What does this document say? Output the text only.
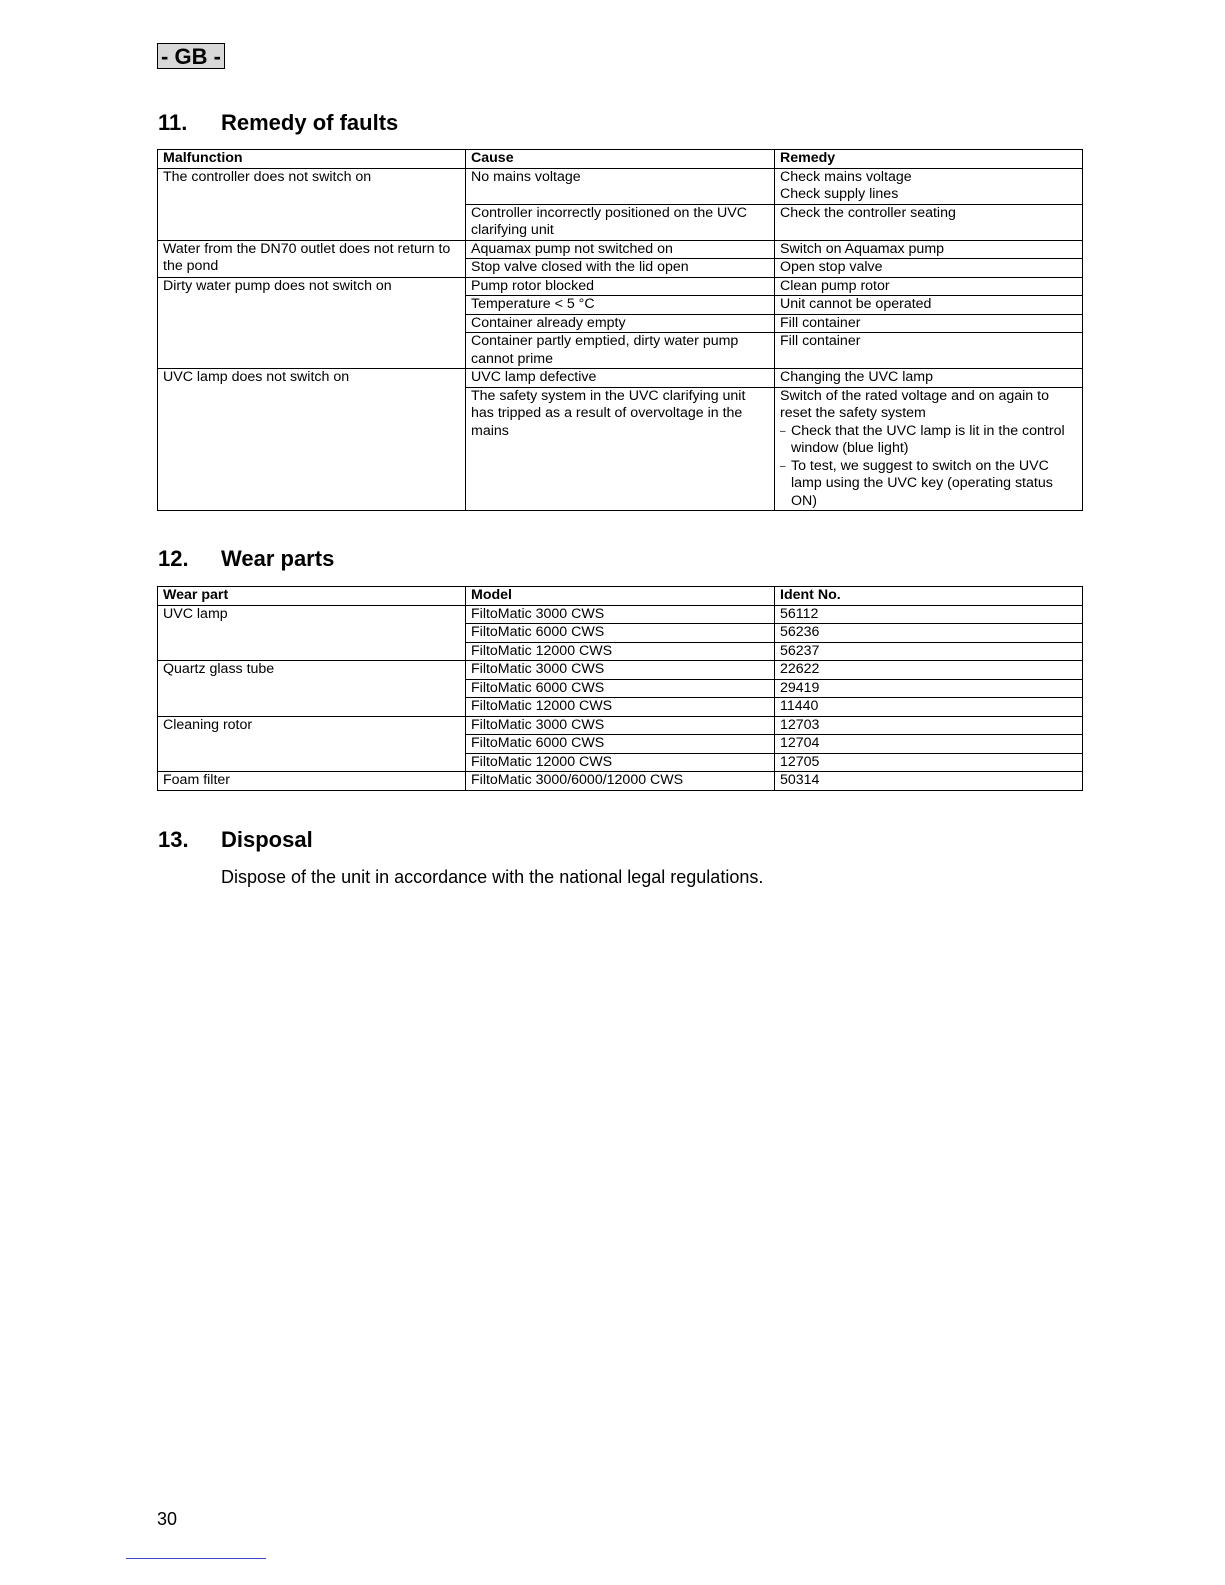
- GB -
11. Remedy of faults
Malfunction	Cause	Remedy
The controller does not switch on	No mains voltage	Check mains voltage
Check supply lines

	Controller incorrectly positioned on the UVC clarifying unit	Check the controller seating
Water from the DN70 outlet does not return to the pond	Aquamax pump not switched on	Switch on Aquamax pump
	Stop valve closed with the lid open	Open stop valve
Dirty water pump does not switch on	Pump rotor blocked	Clean pump rotor
	Temperature < 5 °C	Unit cannot be operated
	Container already empty	Fill container
	Container partly emptied, dirty water pump cannot prime	Fill container
UVC lamp does not switch on	UVC lamp defective	Changing the UVC lamp
	The safety system in the UVC clarifying unit has tripped as a result of overvoltage in the mains	Switch of the rated voltage and on again to reset the safety system
– Check that the UVC lamp is lit in the control window (blue light)
– To test, we suggest to switch on the UVC lamp using the UVC key (operating status ON)
12. Wear parts
Wear part	Model	Ident No.
UVC lamp	FiltoMatic 3000 CWS	56112
	FiltoMatic 6000 CWS	56236
	FiltoMatic 12000 CWS	56237
Quartz glass tube	FiltoMatic 3000 CWS	22622
	FiltoMatic 6000 CWS	29419
	FiltoMatic 12000 CWS	11440
Cleaning rotor	FiltoMatic 3000 CWS	12703
	FiltoMatic 6000 CWS	12704
	FiltoMatic 12000 CWS	12705
Foam filter	FiltoMatic 3000/6000/12000 CWS	50314
13. Disposal
Dispose of the unit in accordance with the national legal regulations.
30
